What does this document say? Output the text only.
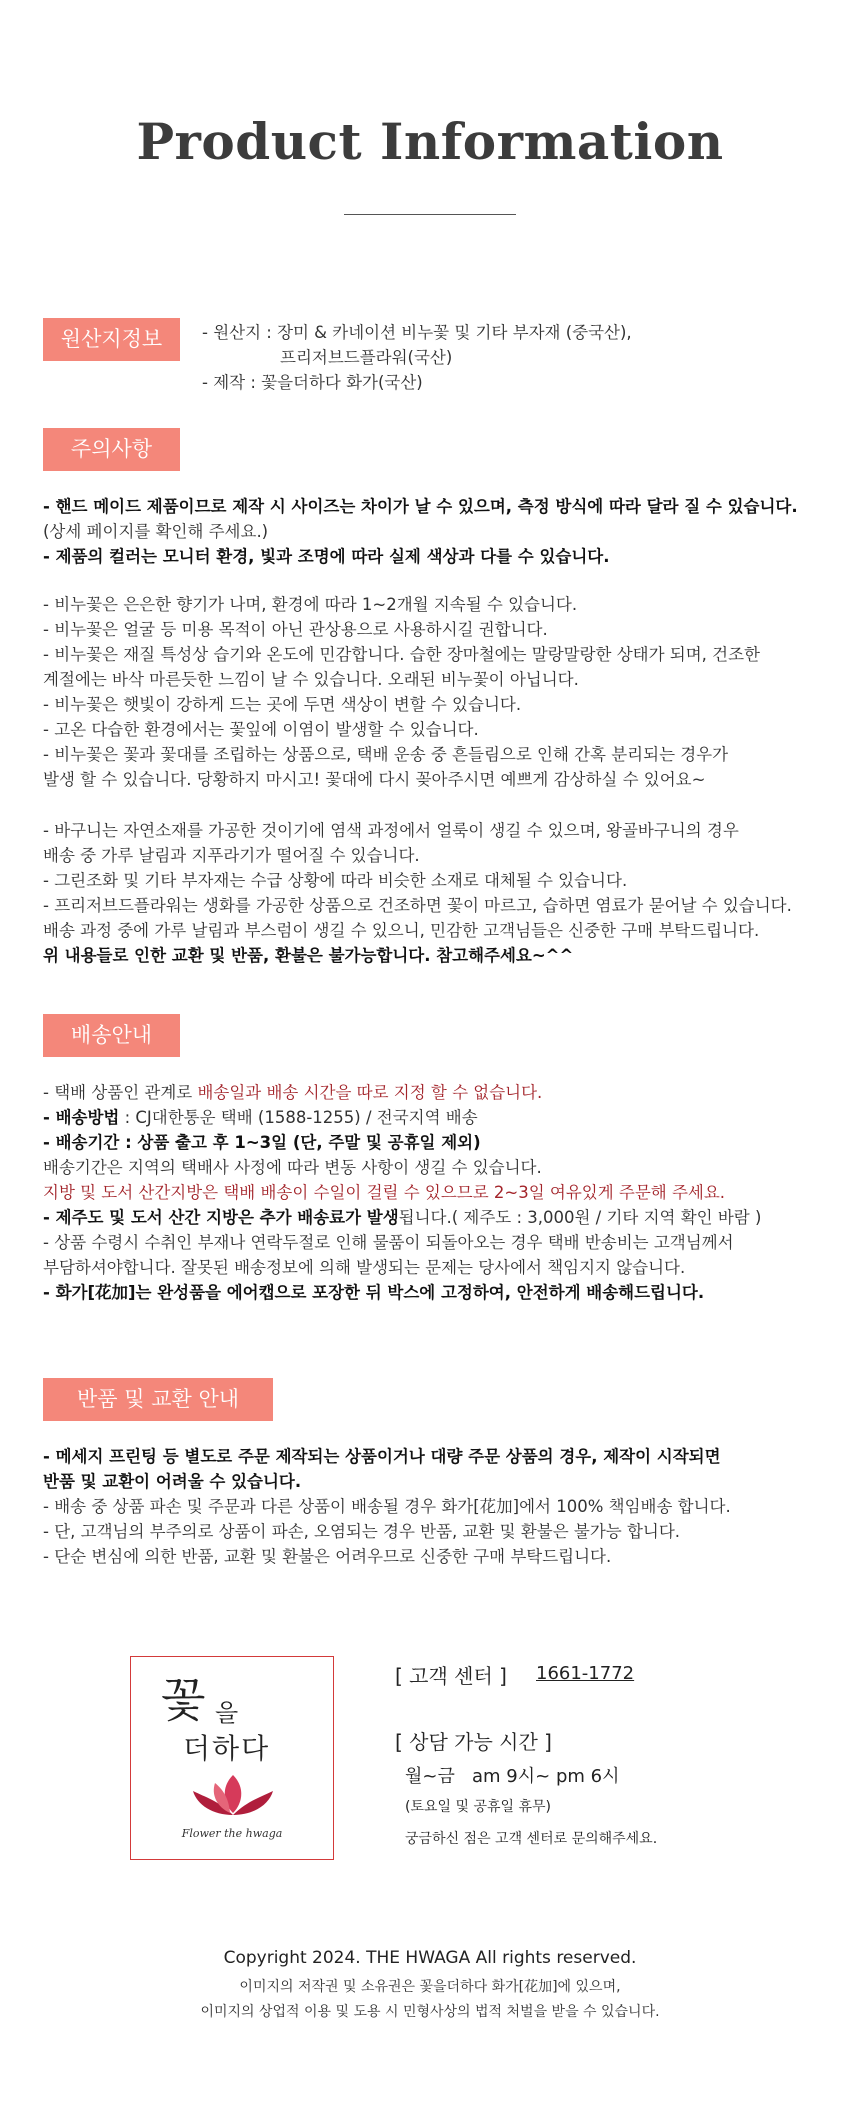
Product Information
원산지정보	- 원산지 : 장미 & 카네이션 비누꽃 및 기타 부자재 (중국산),
프리저브드플라워(국산)
- 제작 : 꽃을더하다 화가(국산)
주의사항
- 핸드 메이드 제품이므로 제작 시 사이즈는 차이가 날 수 있으며, 측정 방식에 따라 달라 질 수 있습니다.
(상세 페이지를 확인해 주세요.)
- 제품의 컬러는 모니터 환경, 빛과 조명에 따라 실제 색상과 다를 수 있습니다.
- 비누꽃은 은은한 향기가 나며, 환경에 따라 1~2개월 지속될 수 있습니다.
- 비누꽃은 얼굴 등 미용 목적이 아닌 관상용으로 사용하시길 권합니다.
- 비누꽃은 재질 특성상 습기와 온도에 민감합니다. 습한 장마철에는 말랑말랑한 상태가 되며, 건조한
계절에는 바삭 마른듯한 느낌이 날 수 있습니다. 오래된 비누꽃이 아닙니다.
- 비누꽃은 햇빛이 강하게 드는 곳에 두면 색상이 변할 수 있습니다.
- 고온 다습한 환경에서는 꽃잎에 이염이 발생할 수 있습니다.
- 비누꽃은 꽃과 꽃대를 조립하는 상품으로, 택배 운송 중 흔들림으로 인해 간혹 분리되는 경우가
발생 할 수 있습니다. 당황하지 마시고! 꽃대에 다시 꽂아주시면 예쁘게 감상하실 수 있어요~
- 바구니는 자연소재를 가공한 것이기에 염색 과정에서 얼룩이 생길 수 있으며, 왕골바구니의 경우
배송 중 가루 날림과 지푸라기가 떨어질 수 있습니다.
- 그린조화 및 기타 부자재는 수급 상황에 따라 비슷한 소재로 대체될 수 있습니다.
- 프리저브드플라워는 생화를 가공한 상품으로 건조하면 꽃이 마르고, 습하면 염료가 묻어날 수 있습니다.
배송 과정 중에 가루 날림과 부스럼이 생길 수 있으니, 민감한 고객님들은 신중한 구매 부탁드립니다.
위 내용들로 인한 교환 및 반품, 환불은 불가능합니다. 참고해주세요~^^
배송안내
- 택배 상품인 관계로 배송일과 배송 시간을 따로 지정 할 수 없습니다.
- 배송방법 : CJ대한통운 택배 (1588-1255) / 전국지역 배송
- 배송기간 : 상품 출고 후 1~3일 (단, 주말 및 공휴일 제외)
배송기간은 지역의 택배사 사정에 따라 변동 사항이 생길 수 있습니다.
지방 및 도서 산간지방은 택배 배송이 수일이 걸릴 수 있으므로 2~3일 여유있게 주문해 주세요.
- 제주도 및 도서 산간 지방은 추가 배송료가 발생됩니다.( 제주도 : 3,000원 / 기타 지역 확인 바람 )
- 상품 수령시 수취인 부재나 연락두절로 인해 물품이 되돌아오는 경우 택배 반송비는 고객님께서
부담하셔야합니다. 잘못된 배송정보에 의해 발생되는 문제는 당사에서 책임지지 않습니다.
- 화가[花加]는 완성품을 에어캡으로 포장한 뒤 박스에 고정하여, 안전하게 배송해드립니다.
반품 및 교환 안내
- 메세지 프린팅 등 별도로 주문 제작되는 상품이거나 대량 주문 상품의 경우, 제작이 시작되면
반품 및 교환이 어려울 수 있습니다.
- 배송 중 상품 파손 및 주문과 다른 상품이 배송될 경우 화가[花加]에서 100% 책임배송 합니다.
- 단, 고객님의 부주의로 상품이 파손, 오염되는 경우 반품, 교환 및 환불은 불가능 합니다.
- 단순 변심에 의한 반품, 교환 및 환불은 어려우므로 신중한 구매 부탁드립니다.
꽃 을
더하다
Flower the hwaga
[ 고객 센터 ] 1661-1772
[ 상담 가능 시간 ]
월~금   am 9시~ pm 6시
(토요일 및 공휴일 휴무)
궁금하신 점은 고객 센터로 문의해주세요.
Copyright 2024. THE HWAGA All rights reserved.
이미지의 저작권 및 소유권은 꽃을더하다 화가[花加]에 있으며,
이미지의 상업적 이용 및 도용 시 민형사상의 법적 처벌을 받을 수 있습니다.
